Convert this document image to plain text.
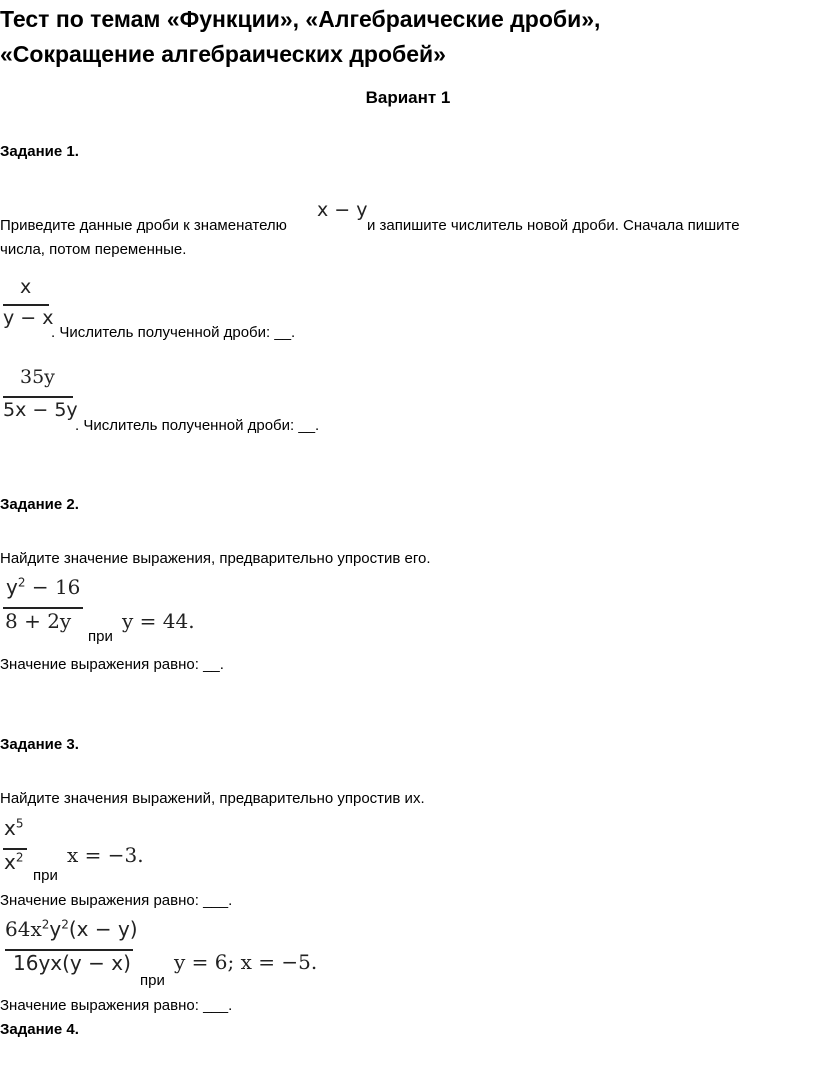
Тест по темам «Функции», «Алгебраические дроби»,
«Сокращение алгебраических дробей»
Вариант 1
Задание 1.
Приведите данные дроби к знаменателю
x − y
и запишите числитель новой дроби. Сначала пишите
числа, потом переменные.
x
y − x
. Числитель полученной дроби: __.
35y
5x − 5y
. Числитель полученной дроби: __.
Задание 2.
Найдите значение выражения, предварительно упростив его.
$y^2 - 16$
8 + 2y
при
y = 44.
Значение выражения равно: __.
Задание 3.
Найдите значения выражений, предварительно упростив их.
$x^5$
$x^2$
при
x = −3.
Значение выражения равно: ___.
$64x^2y^2(x - y)$
16yx(y − x)
при
y = 6; x = −5.
Значение выражения равно: ___.
Задание 4.
